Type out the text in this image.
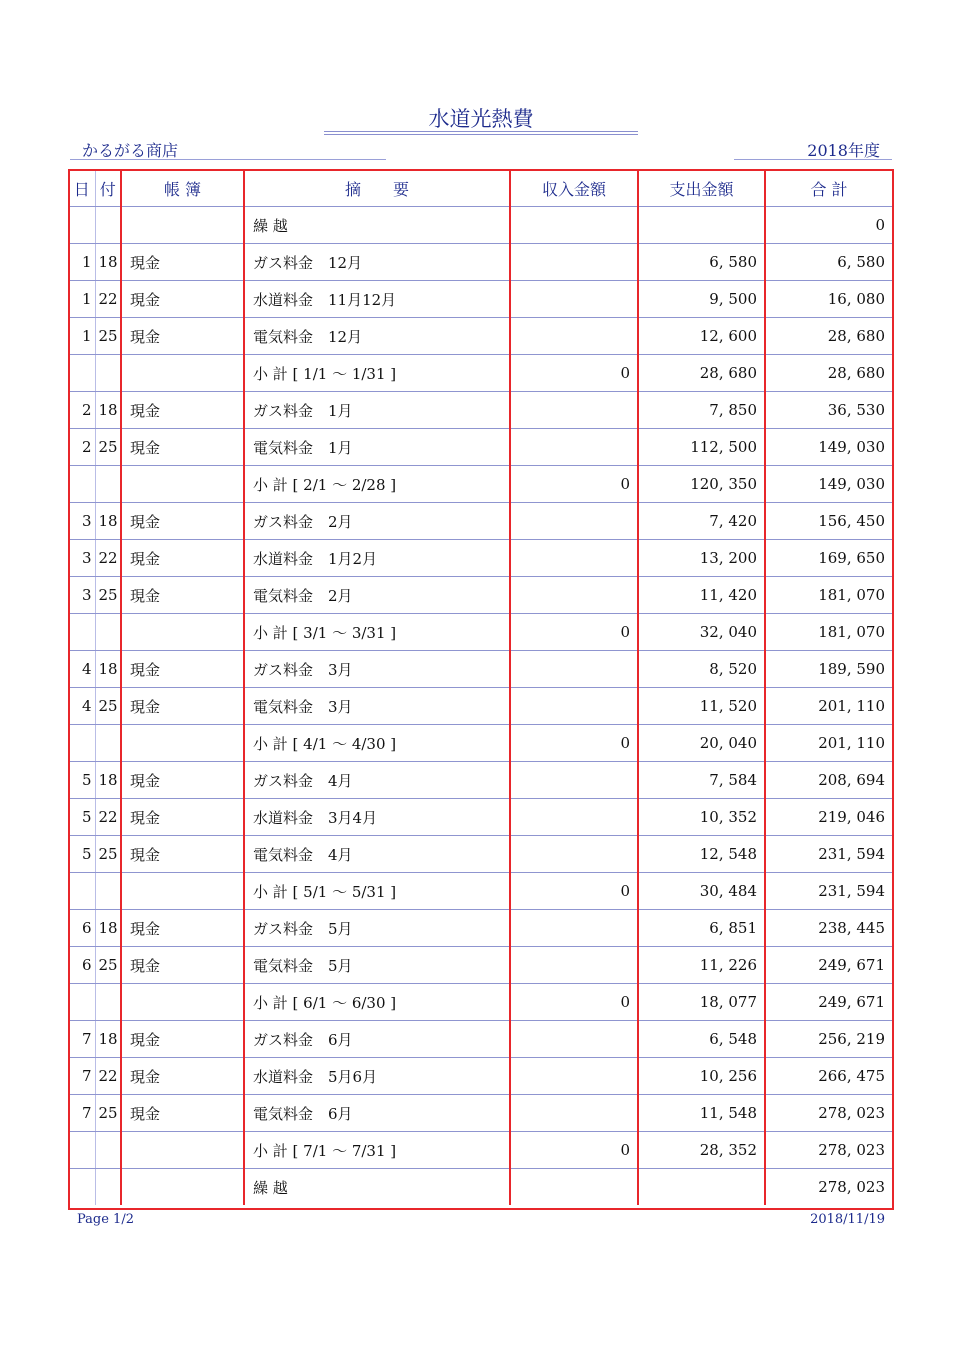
水道光熱費
かるがる商店	2018年度
日	付	帳 簿	摘　　要	収入金額	支出金額	合 計
			繰 越			0
1	18	現金	ガス料金　12月		6, 580	6, 580
1	22	現金	水道料金　11月12月		9, 500	16, 080
1	25	現金	電気料金　12月		12, 600	28, 680
			小 計 [ 1/1 ～ 1/31 ]	0	28, 680	28, 680
2	18	現金	ガス料金　1月		7, 850	36, 530
2	25	現金	電気料金　1月		112, 500	149, 030
			小 計 [ 2/1 ～ 2/28 ]	0	120, 350	149, 030
3	18	現金	ガス料金　2月		7, 420	156, 450
3	22	現金	水道料金　1月2月		13, 200	169, 650
3	25	現金	電気料金　2月		11, 420	181, 070
			小 計 [ 3/1 ～ 3/31 ]	0	32, 040	181, 070
4	18	現金	ガス料金　3月		8, 520	189, 590
4	25	現金	電気料金　3月		11, 520	201, 110
			小 計 [ 4/1 ～ 4/30 ]	0	20, 040	201, 110
5	18	現金	ガス料金　4月		7, 584	208, 694
5	22	現金	水道料金　3月4月		10, 352	219, 046
5	25	現金	電気料金　4月		12, 548	231, 594
			小 計 [ 5/1 ～ 5/31 ]	0	30, 484	231, 594
6	18	現金	ガス料金　5月		6, 851	238, 445
6	25	現金	電気料金　5月		11, 226	249, 671
			小 計 [ 6/1 ～ 6/30 ]	0	18, 077	249, 671
7	18	現金	ガス料金　6月		6, 548	256, 219
7	22	現金	水道料金　5月6月		10, 256	266, 475
7	25	現金	電気料金　6月		11, 548	278, 023
			小 計 [ 7/1 ～ 7/31 ]	0	28, 352	278, 023
			繰 越			278, 023
Page 1/2	2018/11/19
